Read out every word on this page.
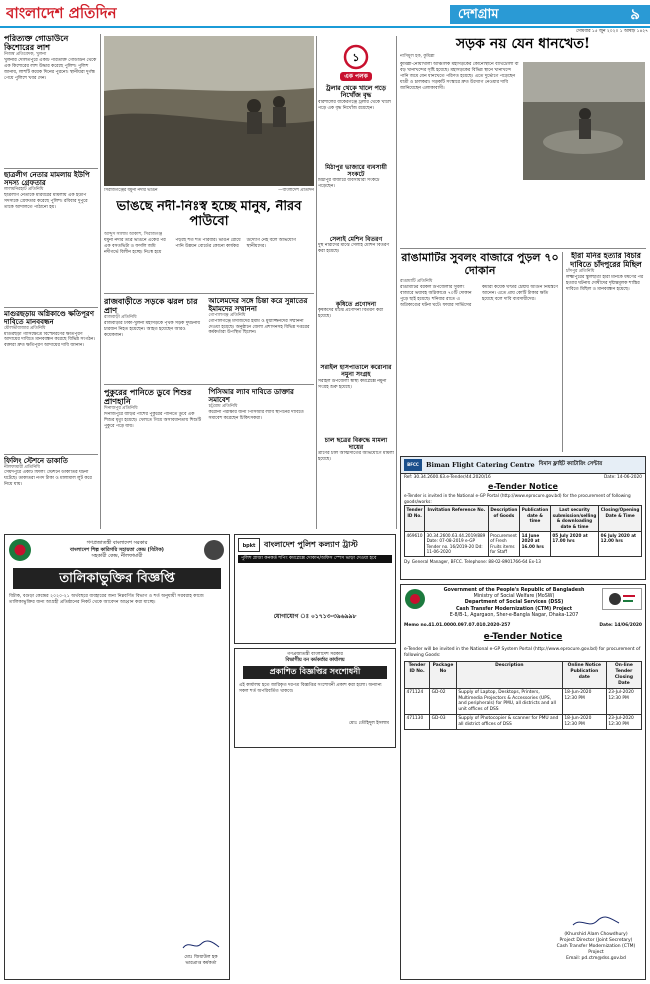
বাংলাদেশ প্রতিদিন	দেশগ্রাম	৯
সোমবার ১৫ জুন ২০২০ ১ আষাঢ় ১৪২৭
পরিত্যক্ত গোডাউনে কিশোরের লাশ
নিজস্ব প্রতিবেদক, খুলনা
খুলনার দৌলতপুরে একটি পরিত্যক্ত গোডাউন থেকে এক কিশোরের লাশ উদ্ধার করেছে পুলিশ। পুলিশ জানায়, লাশটি কয়েক দিনের পুরনো। স্থানীয়রা দুর্গন্ধ পেয়ে পুলিশে খবর দেন।
ছাত্রলীগ নেতার মামলায় ইউপি সদস্য গ্রেফতার
লালমনিরহাট প্রতিনিধি
ছাত্রলীগ নেতাকে মারধরের মামলায় এক ইউপি সদস্যকে গ্রেফতার করেছে পুলিশ। রবিবার দুপুরে তাকে আদালতে পাঠানো হয়।
মাগুরছড়ায় অগ্নিকাণ্ডে ক্ষতিপূরণ দাবিতে মানববন্ধন
মৌলভীবাজার প্রতিনিধি
মাগুরছড়া গ্যাসক্ষেত্রে বিস্ফোরণের ক্ষতিপূরণ আদায়ের দাবিতে মানববন্ধন করেছে বিভিন্ন সংগঠন। বক্তারা দ্রুত ক্ষতিপূরণ আদায়ের দাবি জানান।
ফিলিং স্টেশনে ডাকাতি
নীলফামারী প্রতিনিধি
সৈয়দপুরে একটি ফিলিং স্টেশনে ডাকাতির ঘটনা ঘটেছে। ডাকাতরা নগদ টাকা ও মালামাল লুট করে নিয়ে যায়।
সিরাজগঞ্জের যমুনা নদীর ভাঙন	—বাংলাদেশ প্রতিদিন
১
এক পলক
ট্রলার থেকে খালে পড়ে নিখোঁজ বৃদ্ধ
বরিশালের বাকেরগঞ্জে ট্রলার থেকে খালে পড়ে এক বৃদ্ধ নিখোঁজ রয়েছেন।
মিঠাপুর ভাজারে ব্যবসায়ী সংকটে
মিঠাপুর বাজারে ব্যবসায়ীরা সংকটে পড়েছেন।
সেলাই মেশিন বিতরণ
দুস্থ নারীদের মাঝে সেলাই মেশিন বিতরণ করা হয়েছে।
কৃষিতে প্রণোদনা
কৃষকদের মাঝে প্রণোদনা বিতরণ করা হয়েছে।
সরাইল হাসপাতালে করোনার নমুনা সংগ্রহ
সরাইল উপজেলা স্বাস্থ্য কমপ্লেক্সে নমুনা সংগ্রহ শুরু হয়েছে।
চাল ছত্রের বিরুদ্ধে মামলা দায়ের
ত্রাণের চাল আত্মসাতের অভিযোগে মামলা হয়েছে।
ভাঙছে নদী-নিঃস্ব হচ্ছে মানুষ, নীরব পাউবো
আব্দুস সালাম আকাশ, সিরাজগঞ্জ
যমুনা নদীর তীব্র ভাঙনে একের পর এক বসতভিটা ও ফসলি জমি নদীগর্ভে বিলীন হচ্ছে। নিঃস্ব হয়ে পড়ছে শত শত পরিবার। ভাঙন রোধে পানি উন্নয়ন বোর্ডের কোনো কার্যকর উদ্যোগ নেই বলে অভিযোগ স্থানীয়দের।
রাজবাড়ীতে সড়কে ঝরল চার প্রাণ
রাজবাড়ী প্রতিনিধি
রাজবাড়ীর ঢাকা-খুলনা মহাসড়কে পৃথক সড়ক দুর্ঘটনায় চারজন নিহত হয়েছেন। আহত হয়েছেন আরও কয়েকজন।

আলেমদের সঙ্গে চিন্তা করে সুন্নাতের ইমামদের সম্মাননা
গোপালগঞ্জ প্রতিনিধি
গোপালগঞ্জে মসজিদের ইমাম ও মুয়াজ্জিনদের সম্মাননা দেওয়া হয়েছে। অনুষ্ঠানে জেলা প্রশাসনসহ বিভিন্ন দপ্তরের কর্মকর্তারা উপস্থিত ছিলেন।
পুকুরের পানিতে ডুবে শিশুর প্রাণহানি
দিনাজপুর প্রতিনিধি
দিনাজপুরে বাড়ির পাশের পুকুরের পানিতে ডুবে এক শিশুর মৃত্যু হয়েছে। খেলতে গিয়ে অসাবধানতায় শিশুটি পুকুরে পড়ে যায়।

পিসিআর ল্যাব দাবিতে ডাক্তার সমাবেশ
চট্টগ্রাম প্রতিনিধি
করোনা পরীক্ষার জন্য পিসিআর ল্যাব স্থাপনের দাবিতে সমাবেশ করেছেন চিকিৎসকরা।
সড়ক নয় যেন ধানখেত!
নাসিমুল হক, কুমিল্লা
কুমিল্লা-নোয়াখালী আঞ্চলিক মহাসড়কের কোনোস্থানে বীথিটোলা বা বড় খানাখন্দের সৃষ্টি হয়েছে। মহাসড়কের বিভিন্ন স্থানে খানাখন্দে পানি জমে যেন ধানখেতে পরিণত হয়েছে। এতে দুর্ভোগে পড়েছেন যাত্রী ও চালকরা। সড়কটি সংস্কারে দ্রুত উদ্যোগ নেওয়ার দাবি জানিয়েছেন এলাকাবাসী।
রাঙামাটির সুবলং বাজারে পুড়ল ৭০ দোকান
রাঙামাটি প্রতিনিধি
রাঙামাটির বরকল উপজেলার সুবলং বাজারে ভয়াবহ অগ্নিকাণ্ডে ৭০টি দোকান পুড়ে ছাই হয়েছে। শনিবার রাতে এ অগ্নিকাণ্ডের ঘটনা ঘটে। ফায়ার সার্ভিসের কর্মীরা কয়েক ঘণ্টার চেষ্টায় আগুন নিয়ন্ত্রণে আনেন। এতে প্রায় কোটি টাকার ক্ষতি হয়েছে বলে দাবি ব্যবসায়ীদের।
হীরা মনির হত্যার বিচার দাবিতে চাঁদপুরের মিছিল
চাঁদপুর প্রতিনিধি
লক্ষ্মীপুরের স্কুলছাত্রী হীরা মনিকে ধর্ষণের পর হত্যার ঘটনায় দোষীদের দৃষ্টান্তমূলক শাস্তির দাবিতে মিছিল ও মানববন্ধন হয়েছে।
BFCC	Biman Flight Catering Centre বিমান ফ্লাইট ক্যাটারিং সেন্টার
Ref: 30.34.2600.63.e-Tender/44.2020/16	Date: 14-06-2020
e-Tender Notice
e-Tender is invited in the National e-GP Portal (http://www.eprocure.gov.bd) for the procurement of following goods/works:
Tender ID No.	Invitation Reference No.	Description of Goods	Publication date & time	Last security submission/selling & downloading date & time	Closing/Opening Date & Time
469610	30.34.2600.63.44.2019/889 Date: 07-08-2019 e-GP Tender no. 16/2019-20 Dd: 11-06-2020	Procurement of Fresh Fruits items for Staff	14 June 2020 at 16.00 hrs	05 July 2020 at 17.00 hrs	06 July 2020 at 12.00 hrs
Dy. General Manager, BFCC. Telephone: 88-02-8901766-64 Ex-13
Government of the People's Republic of Bangladesh
Ministry of Social Welfare (MoSW)
Department of Social Services (DSS)
Cash Transfer Modernization (CTM) Project
E-8/B-1, Agargaon, Sher-e-Bangla Nagar, Dhaka-1207
Memo no.41.01.0000.097.07.010.2020-257	Date: 14/06/2020
e-Tender Notice
e-Tender will be invited in the National e-GP System Portal (http://www.eprocure.gov.bd) for procurement of following Goods:
Tender ID No.	Package No	Description	Online Notice Publication date	On-line Tender Closing Date
471124	GD-02	Supply of Laptop, Desktops, Printers, Multimedia Projectors & Accessories (UPS, and peripherals) for PMU, all districts and all unit offices of DSS	18-Jun-2020 12:30 PM	23-Jul-2020 12:30 PM
471130	GD-03	Supply of Photocopier & scanner for PMU and all district offices of DSS	18-Jun-2020 12:30 PM	23-Jul-2020 12:30 PM
(Khurshid Alam Chowdhury)
Project Director (Joint Secretary)
Cash Transfer Modernization (CTM) Project
Email: pd.ctm@dss.gov.bd
গণপ্রজাতন্ত্রী বাংলাদেশ সরকার
বাংলাদেশ শিল্প কারিগরি সহায়তা কেন্দ্র (বিটাক)
সহকারী কেন্দ্র, নীলফামারী
তালিকাভুক্তির বিজ্ঞপ্তি
বিটাক, বগুড়া কেন্দ্রের ২০২০-২১ অর্থবছরে ব্যবহারের জন্য নিম্নবর্ণিত বিভাগ ও শর্ত অনুযায়ী সরবরাহ কাজে তালিকাভুক্তির জন্য আগ্রহী প্রতিষ্ঠানের নিকট থেকে আবেদন আহ্বান করা যাচ্ছে।
মোঃ জিয়াউল হক
ভারপ্রাপ্ত কর্মকর্তা
bpkt	বাংলাদেশ পুলিশ কল্যাণ ট্রাস্ট
পুলিশ প্লাজা কনকর্ড শপিং কমপ্লেক্সে দোকান/অফিস স্পেস ভাড়া দেওয়া হবে
যোগাযোগ ঃ ০১৭১৩-৩৯৬৯৯৮
গণপ্রজাতন্ত্রী বাংলাদেশ সরকার
বিভাগীয় বন কর্মকর্তার কার্যালয়
প্রকাশিত বিজ্ঞপ্তির সংশোধনী
এই কার্যালয় হতে জারিকৃত দরপত্র বিজ্ঞপ্তির সংশোধনী প্রকাশ করা হলো। অন্যান্য সকল শর্ত অপরিবর্তিত থাকবে।
মোঃ তৌহিদুল ইসলাম
